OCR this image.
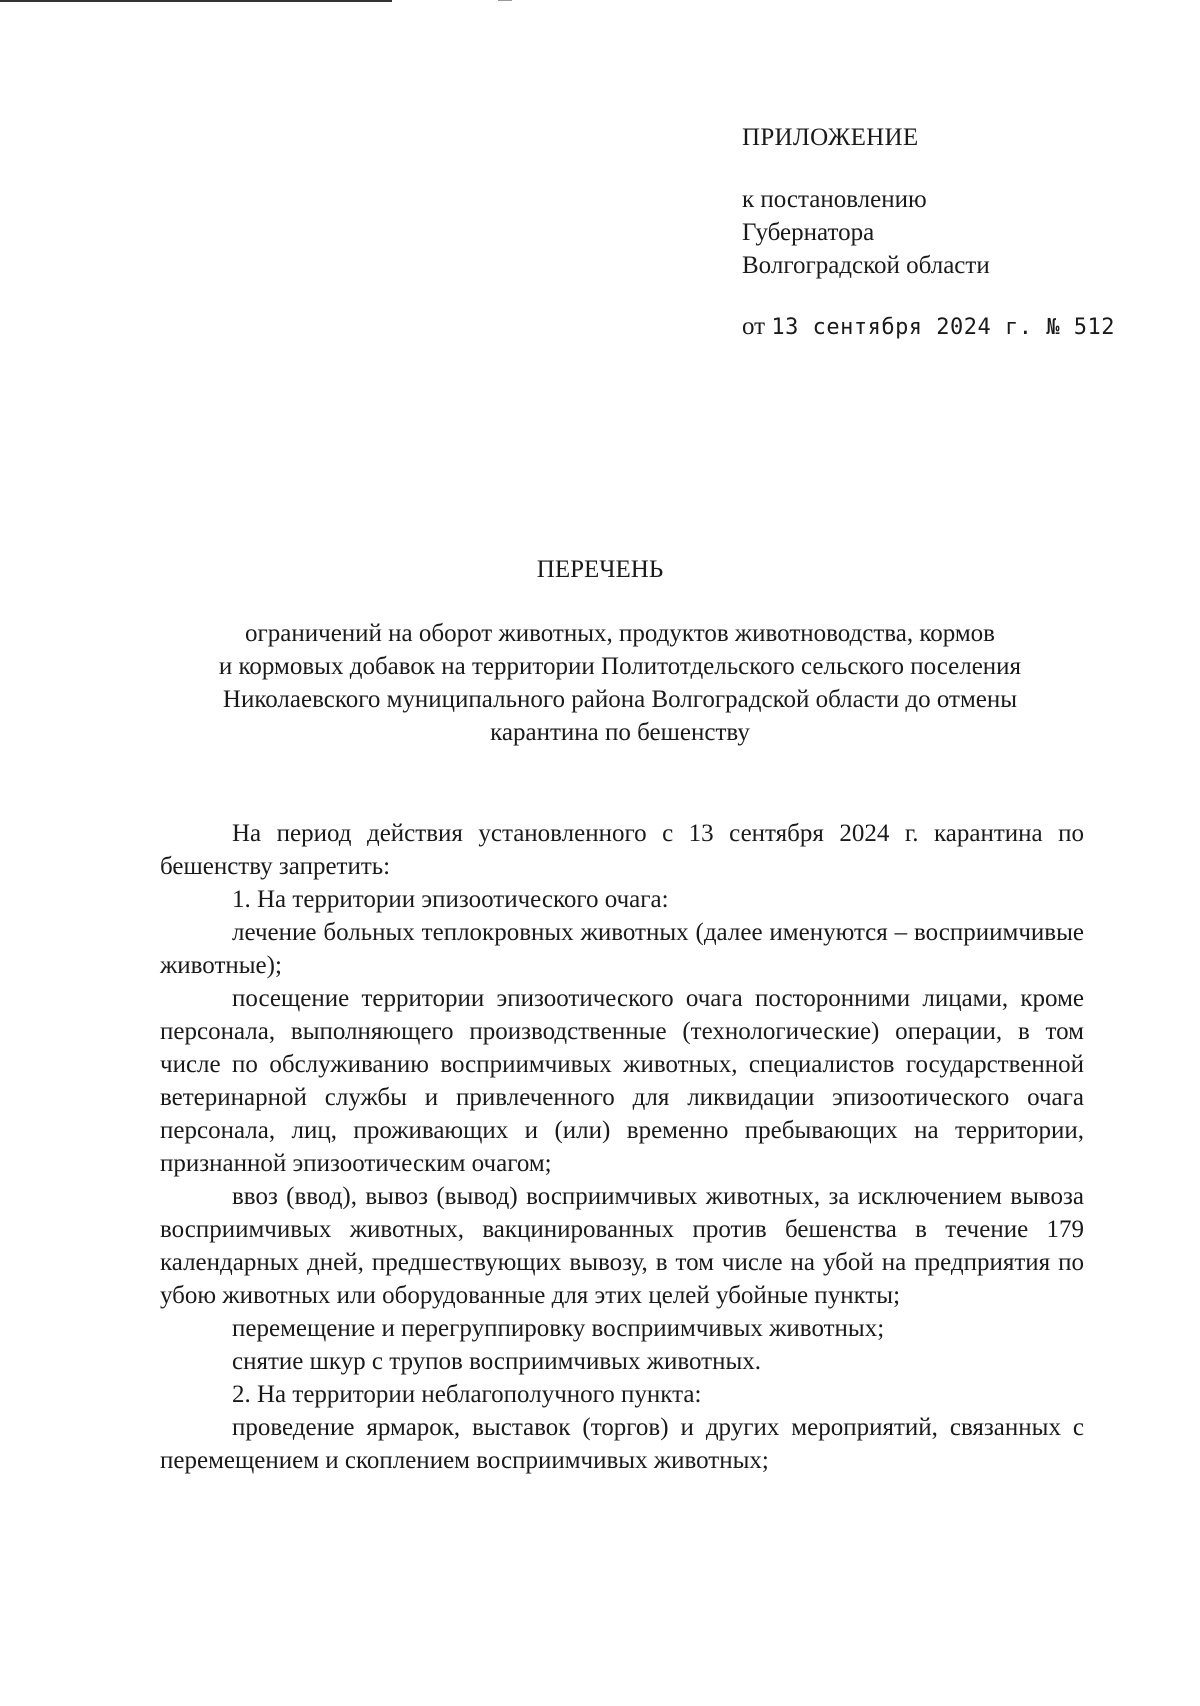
ПРИЛОЖЕНИЕ
к постановлению
Губернатора
Волгоградской области
от 13 сентября 2024 г. № 512
ПЕРЕЧЕНЬ
ограничений на оборот животных, продуктов животноводства, кормов
и кормовых добавок на территории Политотдельского сельского поселения
Николаевского муниципального района Волгоградской области до отмены
карантина по бешенству

На период действия установленного с 13 сентября 2024 г. карантина по бешенству запретить:

1. На территории эпизоотического очага:

лечение больных теплокровных животных (далее именуются – восприимчивые животные);

посещение территории эпизоотического очага посторонними лицами, кроме персонала, выполняющего производственные (технологические) операции, в том числе по обслуживанию восприимчивых животных, специалистов государственной ветеринарной службы и привлеченного для ликвидации эпизоотического очага персонала, лиц, проживающих и (или) временно пребывающих на территории, признанной эпизоотическим очагом;

ввоз (ввод), вывоз (вывод) восприимчивых животных, за исключением вывоза восприимчивых животных, вакцинированных против бешенства в течение 179 календарных дней, предшествующих вывозу, в том числе на убой на предприятия по убою животных или оборудованные для этих целей убойные пункты;

перемещение и перегруппировку восприимчивых животных;

снятие шкур с трупов восприимчивых животных.

2. На территории неблагополучного пункта:

проведение ярмарок, выставок (торгов) и других мероприятий, связанных с перемещением и скоплением восприимчивых животных;
